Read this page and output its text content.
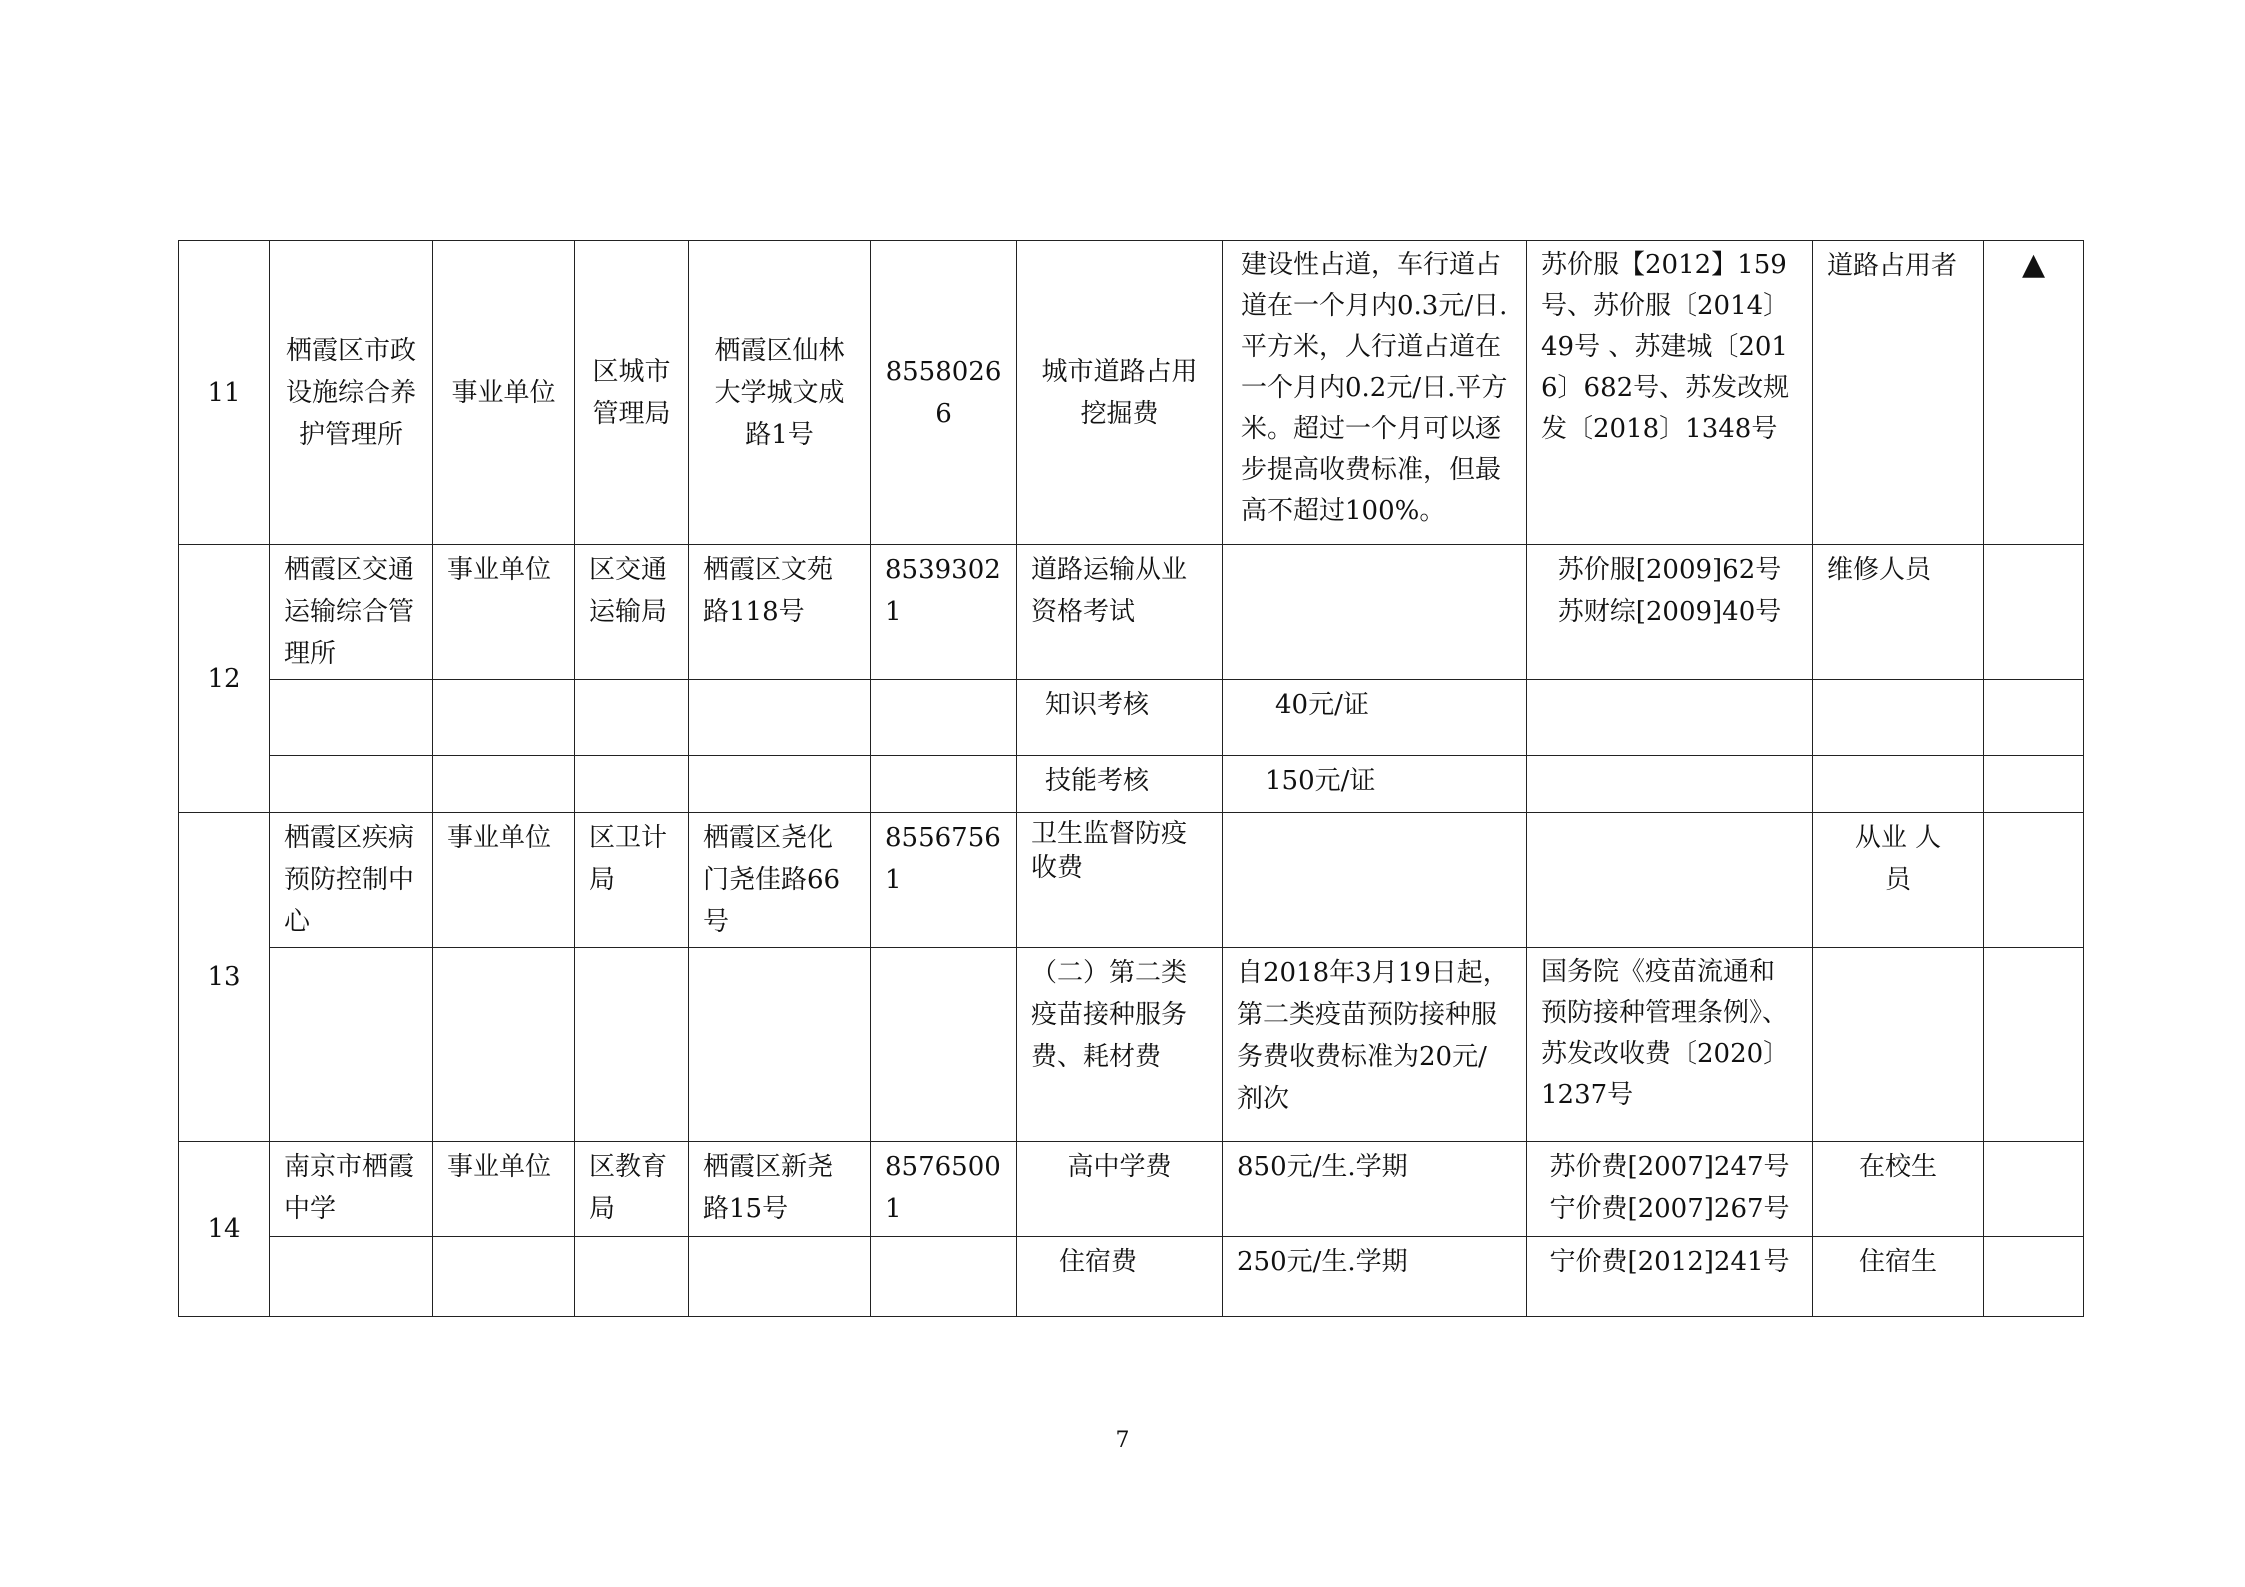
11	栖霞区市政设施综合养护管理所	事业单位	区城市管理局	栖霞区仙林大学城文成路1号	85580266	城市道路占用挖掘费	建设性占道，车行道占道在一个月内0.3元/日.平方米，人行道占道在一个月内0.2元/日.平方米。超过一个月可以逐步提高收费标准，但最高不超过100%。	苏价服【2012】159号、苏价服〔2014〕49号 、苏建城〔2016〕682号、苏发改规发〔2018〕1348号	道路占用者	▲
12	栖霞区交通运输综合管理所	事业单位	区交通运输局	栖霞区文苑路118号	85393021	道路运输从业资格考试		苏价服[2009]62号 苏财综[2009]40号	维修人员	
						知识考核	40元/证			
						技能考核	150元/证			
13	栖霞区疾病预防控制中心	事业单位	区卫计局	栖霞区尧化门尧佳路66号	85567561	卫生监督防疫收费			从业 人员	
						（二）第二类疫苗接种服务费、耗材费	自2018年3月19日起，第二类疫苗预防接种服务费收费标准为20元/剂次	国务院《疫苗流通和预防接种管理条例》、苏发改收费〔2020〕1237号		
14	南京市栖霞中学	事业单位	区教育局	栖霞区新尧路15号	85765001	高中学费	850元/生.学期	苏价费[2007]247号 宁价费[2007]267号	在校生	
						住宿费	250元/生.学期	宁价费[2012]241号	住宿生	
7
